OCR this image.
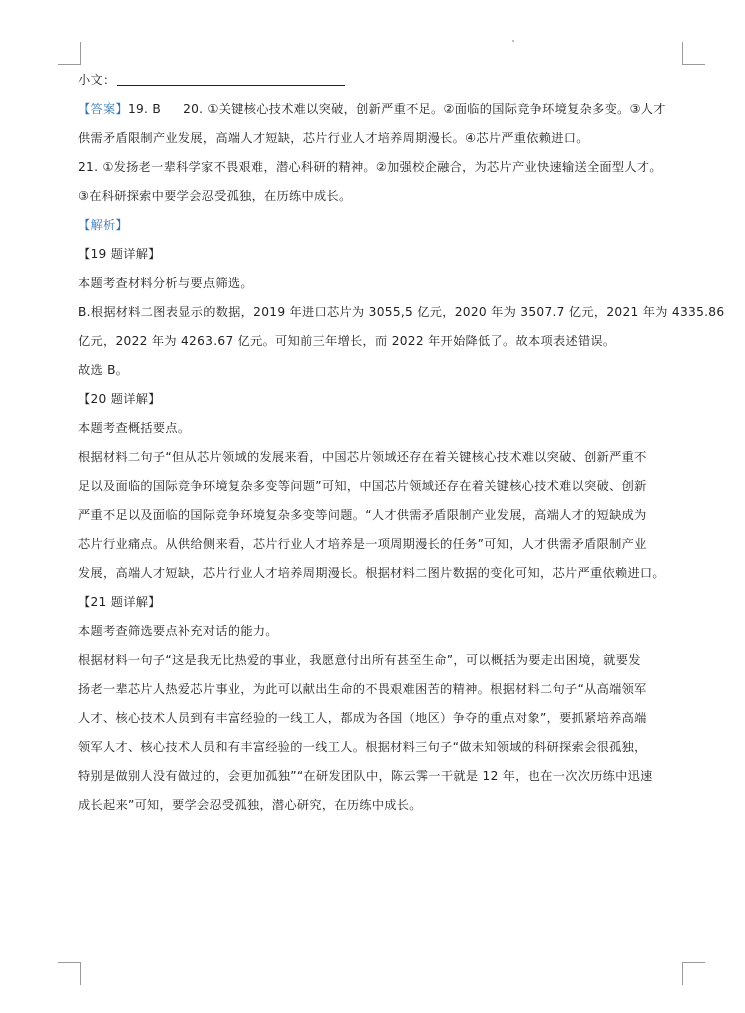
小文：
【答案】19. B 20. ①关键核心技术难以突破，创新严重不足。②面临的国际竞争环境复杂多变。③人才
供需矛盾限制产业发展，高端人才短缺，芯片行业人才培养周期漫长。④芯片严重依赖进口。
21. ①发扬老一辈科学家不畏艰难，潜心科研的精神。②加强校企融合，为芯片产业快速输送全面型人才。
③在科研探索中要学会忍受孤独，在历练中成长。
【解析】
【19 题详解】
本题考查材料分析与要点筛选。
B.根据材料二图表显示的数据，2019 年进口芯片为 3055,5 亿元，2020 年为 3507.7 亿元，2021 年为 4335.86
亿元，2022 年为 4263.67 亿元。可知前三年增长，而 2022 年开始降低了。故本项表述错误。
故选 B。
【20 题详解】
本题考查概括要点。
根据材料二句子“但从芯片领域的发展来看，中国芯片领域还存在着关键核心技术难以突破、创新严重不
足以及面临的国际竞争环境复杂多变等问题”可知，中国芯片领域还存在着关键核心技术难以突破、创新
严重不足以及面临的国际竞争环境复杂多变等问题。“人才供需矛盾限制产业发展，高端人才的短缺成为
芯片行业痛点。从供给侧来看，芯片行业人才培养是一项周期漫长的任务”可知，人才供需矛盾限制产业
发展，高端人才短缺，芯片行业人才培养周期漫长。根据材料二图片数据的变化可知，芯片严重依赖进口。
【21 题详解】
本题考查筛选要点补充对话的能力。
根据材料一句子“这是我无比热爱的事业，我愿意付出所有甚至生命”，可以概括为要走出困境，就要发
扬老一辈芯片人热爱芯片事业，为此可以献出生命的不畏艰难困苦的精神。根据材料二句子“从高端领军
人才、核心技术人员到有丰富经验的一线工人，都成为各国（地区）争夺的重点对象”，要抓紧培养高端
领军人才、核心技术人员和有丰富经验的一线工人。根据材料三句子“做未知领域的科研探索会很孤独，
特别是做别人没有做过的，会更加孤独”“在研发团队中，陈云霁一干就是 12 年，也在一次次历练中迅速
成长起来”可知，要学会忍受孤独，潜心研究，在历练中成长。
